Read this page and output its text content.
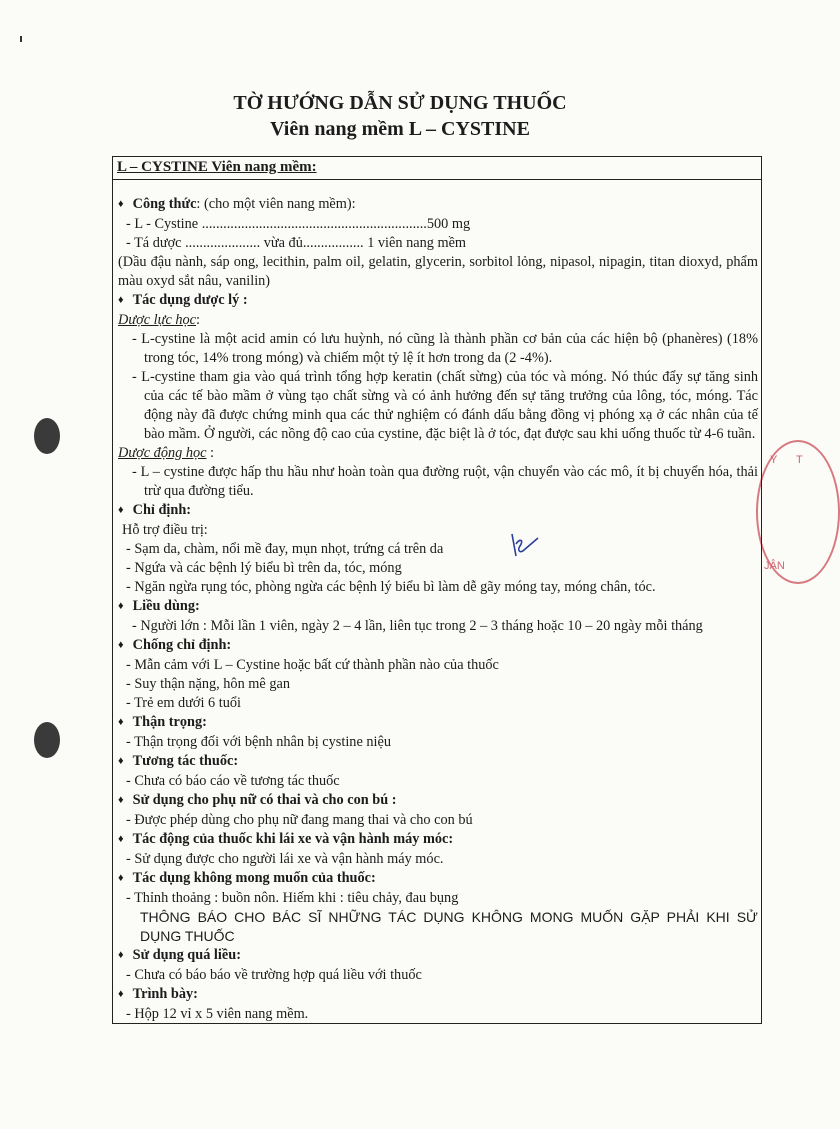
Y T
JÂN
TỜ HƯỚNG DẪN SỬ DỤNG THUỐC
Viên nang mềm L – CYSTINE
L – CYSTINE Viên nang mềm:
♦ Công thức: (cho một viên nang mềm):
- L - Cystine ...............................................................500 mg
- Tá dược ..................... vừa đủ................. 1 viên nang mềm
(Dầu đậu nành, sáp ong, lecithin, palm oil, gelatin, glycerin, sorbitol lỏng, nipasol, nipagin, titan dioxyd, phẩm màu oxyd sắt nâu, vanilin)
♦ Tác dụng dược lý :
Dược lực học:
- L-cystine là một acid amin có lưu huỳnh, nó cũng là thành phần cơ bản của các hiện bộ (phanères) (18% trong tóc, 14% trong móng) và chiếm một tỷ lệ ít hơn trong da (2 -4%).
- L-cystine tham gia vào quá trình tổng hợp keratin (chất sừng) của tóc và móng. Nó thúc đẩy sự tăng sinh của các tế bào mầm ở vùng tạo chất sừng và có ảnh hưởng đến sự tăng trưởng của lông, tóc, móng. Tác động này đã được chứng minh qua các thử nghiệm có đánh dấu bằng đồng vị phóng xạ ở các nhân của tế bào mầm. Ở người, các nồng độ cao của cystine, đặc biệt là ở tóc, đạt được sau khi uống thuốc từ 4-6 tuần.
Dược động học :
- L – cystine được hấp thu hầu như hoàn toàn qua đường ruột, vận chuyển vào các mô, ít bị chuyển hóa, thải trừ qua đường tiểu.
♦ Chỉ định:
Hỗ trợ điều trị:
- Sạm da, chàm, nổi mề đay, mụn nhọt, trứng cá trên da
- Ngứa và các bệnh lý biểu bì trên da, tóc, móng
- Ngăn ngừa rụng tóc, phòng ngừa các bệnh lý biểu bì làm dễ gãy móng tay, móng chân, tóc.
♦ Liều dùng:
- Người lớn : Mỗi lần 1 viên, ngày 2 – 4 lần, liên tục trong 2 – 3 tháng hoặc 10 – 20 ngày mỗi tháng
♦ Chống chỉ định:
- Mẫn cảm với L – Cystine hoặc bất cứ thành phần nào của thuốc
- Suy thận nặng, hôn mê gan
- Trẻ em dưới 6 tuổi
♦ Thận trọng:
- Thận trọng đối với bệnh nhân bị cystine niệu
♦ Tương tác thuốc:
- Chưa có báo cáo về tương tác thuốc
♦ Sử dụng cho phụ nữ có thai và cho con bú :
- Được phép dùng cho phụ nữ đang mang thai và cho con bú
♦ Tác động của thuốc khi lái xe và vận hành máy móc:
- Sử dụng được cho người lái xe và vận hành máy móc.
♦ Tác dụng không mong muốn của thuốc:
- Thỉnh thoảng : buồn nôn. Hiếm khi : tiêu chảy, đau bụng
THÔNG BÁO CHO BÁC SĨ NHỮNG TÁC DỤNG KHÔNG MONG MUỐN GẶP PHẢI KHI SỬ DỤNG THUỐC
♦ Sử dụng quá liều:
- Chưa có báo báo về trường hợp quá liều với thuốc
♦ Trình bày:
- Hộp 12 vỉ x 5 viên nang mềm.
